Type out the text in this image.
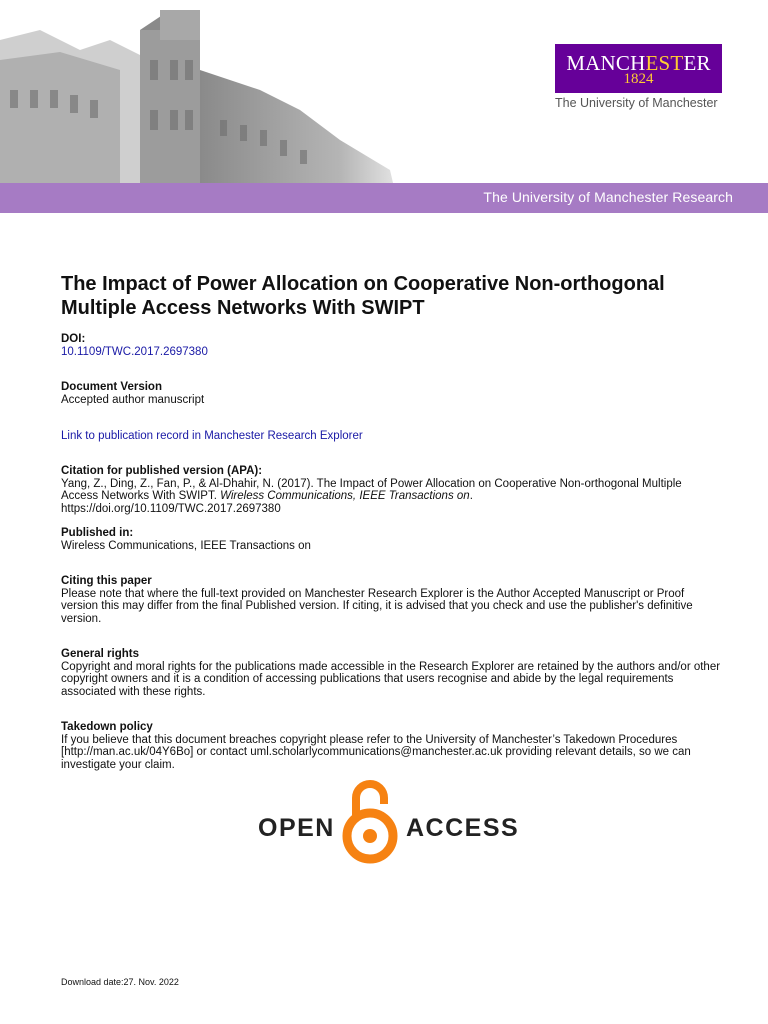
MANCHESTER
1824
The University of Manchester
The University of Manchester Research
The Impact of Power Allocation on Cooperative Non-orthogonal Multiple Access Networks With SWIPT
DOI:
10.1109/TWC.2017.2697380
Document Version
Accepted author manuscript
Link to publication record in Manchester Research Explorer
Citation for published version (APA):
Yang, Z., Ding, Z., Fan, P., & Al-Dhahir, N. (2017). The Impact of Power Allocation on Cooperative Non-orthogonal Multiple Access Networks With SWIPT. Wireless Communications, IEEE Transactions on.
https://doi.org/10.1109/TWC.2017.2697380
Published in:
Wireless Communications, IEEE Transactions on
Citing this paper
Please note that where the full-text provided on Manchester Research Explorer is the Author Accepted Manuscript or Proof version this may differ from the final Published version. If citing, it is advised that you check and use the publisher's definitive version.
General rights
Copyright and moral rights for the publications made accessible in the Research Explorer are retained by the authors and/or other copyright owners and it is a condition of accessing publications that users recognise and abide by the legal requirements associated with these rights.
Takedown policy
If you believe that this document breaches copyright please refer to the University of Manchester’s Takedown Procedures [http://man.ac.uk/04Y6Bo] or contact uml.scholarlycommunications@manchester.ac.uk providing relevant details, so we can investigate your claim.
OPEN	ACCESS
Download date:27. Nov. 2022
